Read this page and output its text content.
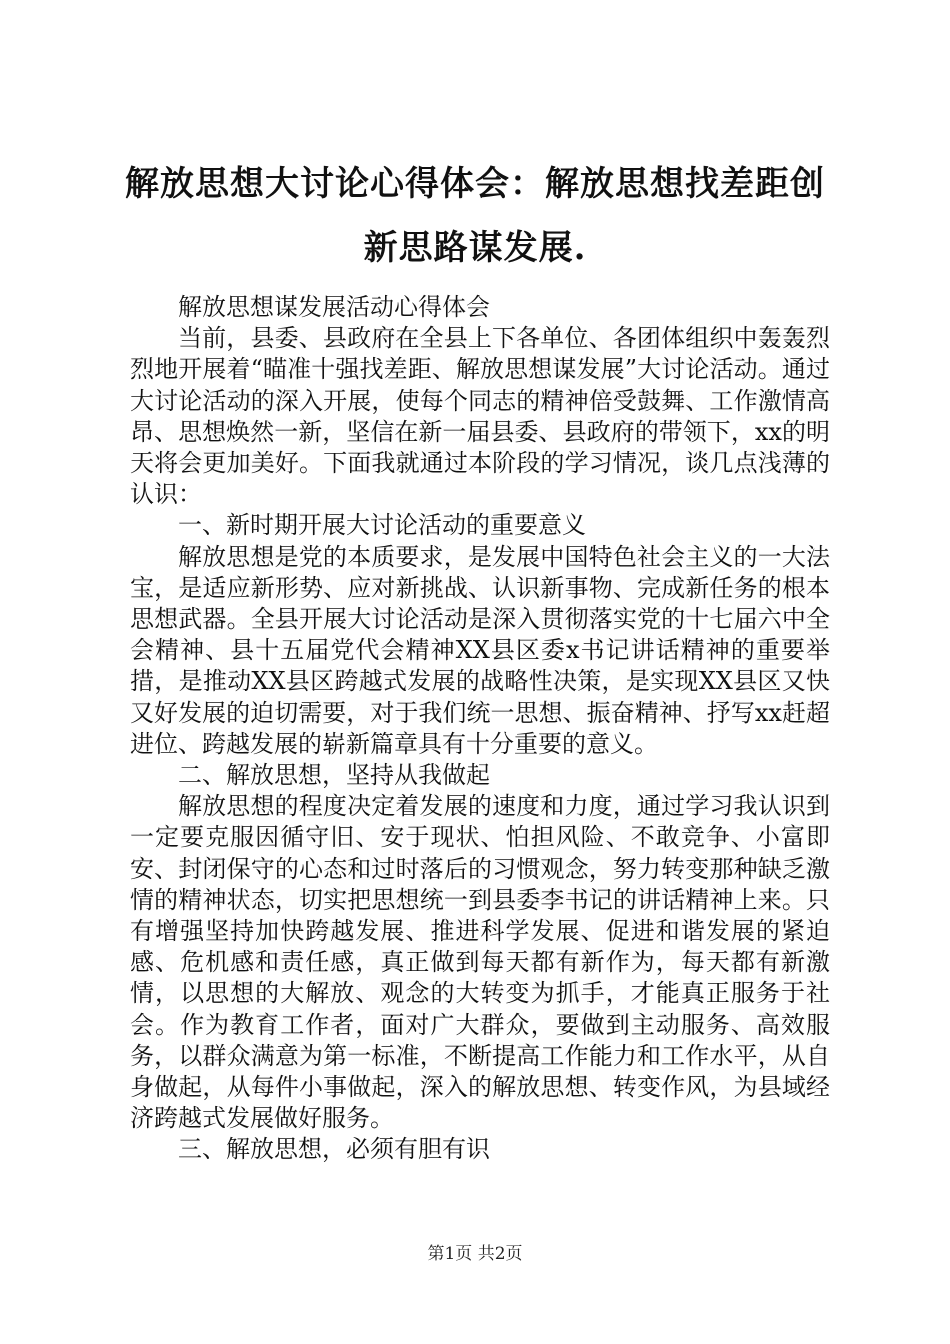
解放思想大讨论心得体会：解放思想找差距创新思路谋发展.

解放思想谋发展活动心得体会

当前，县委、县政府在全县上下各单位、各团体组织中轰轰烈烈地开展着“瞄准十强找差距、解放思想谋发展”大讨论活动。通过大讨论活动的深入开展，使每个同志的精神倍受鼓舞、工作激情高昂、思想焕然一新，坚信在新一届县委、县政府的带领下，xx的明天将会更加美好。下面我就通过本阶段的学习情况，谈几点浅薄的认识：

一、新时期开展大讨论活动的重要意义

解放思想是党的本质要求，是发展中国特色社会主义的一大法宝，是适应新形势、应对新挑战、认识新事物、完成新任务的根本思想武器。全县开展大讨论活动是深入贯彻落实党的十七届六中全会精神、县十五届党代会精神XX县区委x书记讲话精神的重要举措，是推动XX县区跨越式发展的战略性决策，是实现XX县区又快又好发展的迫切需要，对于我们统一思想、振奋精神、抒写xx赶超进位、跨越发展的崭新篇章具有十分重要的意义。

二、解放思想，坚持从我做起

解放思想的程度决定着发展的速度和力度，通过学习我认识到一定要克服因循守旧、安于现状、怕担风险、不敢竞争、小富即安、封闭保守的心态和过时落后的习惯观念，努力转变那种缺乏激情的精神状态，切实把思想统一到县委李书记的讲话精神上来。只有增强坚持加快跨越发展、推进科学发展、促进和谐发展的紧迫感、危机感和责任感，真正做到每天都有新作为，每天都有新激情，以思想的大解放、观念的大转变为抓手，才能真正服务于社会。作为教育工作者，面对广大群众，要做到主动服务、高效服务，以群众满意为第一标准，不断提高工作能力和工作水平，从自身做起，从每件小事做起，深入的解放思想、转变作风，为县域经济跨越式发展做好服务。

三、解放思想，必须有胆有识

第1页 共2页
